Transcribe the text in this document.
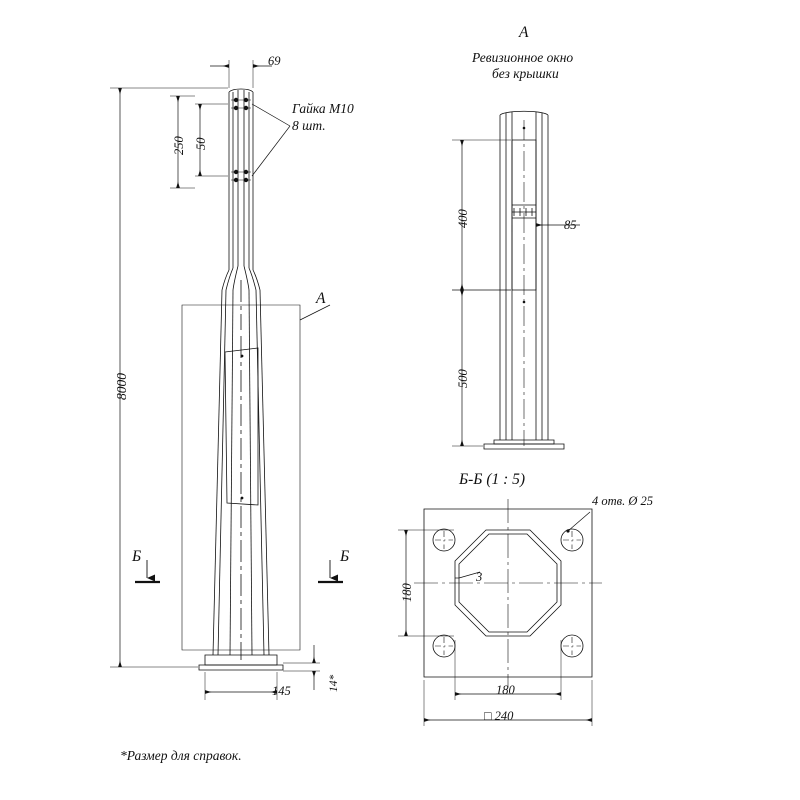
69
50
250
8000
145	14*
Гайка М10
8 шт.
A
Б	Б
A
Ревизионное окно
без крышки
400
500
85
Б-Б (1 : 5)
4 отв. Ø 25
180
180
□ 240
3
*Размер для справок.
